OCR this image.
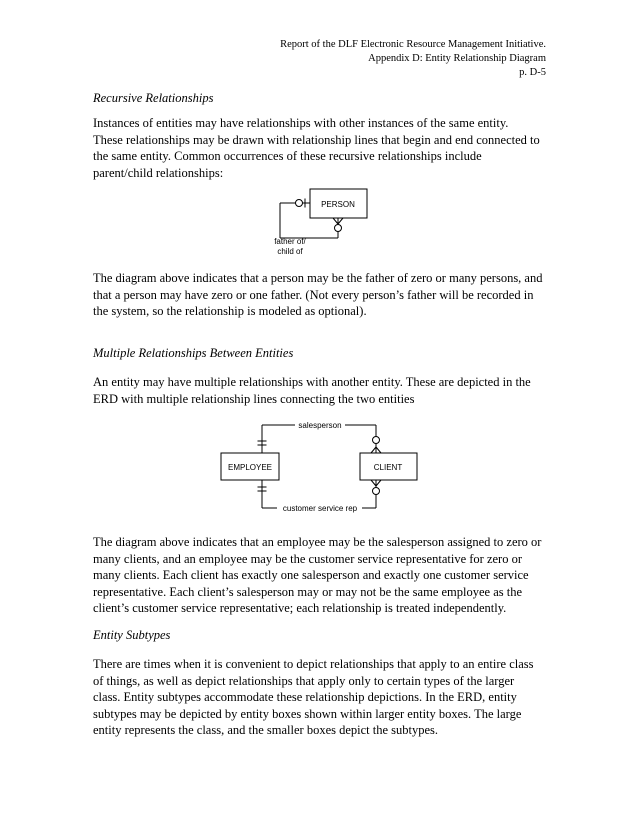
Report of the DLF Electronic Resource Management Initiative.
Appendix D: Entity Relationship Diagram
p. D-5
Recursive Relationships
Instances of entities may have relationships with other instances of the same entity.
These relationships may be drawn with relationship lines that begin and end connected to
the same entity. Common occurrences of these recursive relationships include
parent/child relationships:
PERSON
father of/
child of
The diagram above indicates that a person may be the father of zero or many persons, and
that a person may have zero or one father. (Not every person’s father will be recorded in
the system, so the relationship is modeled as optional).
Multiple Relationships Between Entities
An entity may have multiple relationships with another entity. These are depicted in the
ERD with multiple relationship lines connecting the two entities
EMPLOYEE	CLIENT
salesperson
customer service rep
The diagram above indicates that an employee may be the salesperson assigned to zero or
many clients, and an employee may be the customer service representative for zero or
many clients. Each client has exactly one salesperson and exactly one customer service
representative. Each client’s salesperson may or may not be the same employee as the
client’s customer service representative; each relationship is treated independently.
Entity Subtypes
There are times when it is convenient to depict relationships that apply to an entire class
of things, as well as depict relationships that apply only to certain types of the larger
class. Entity subtypes accommodate these relationship depictions. In the ERD, entity
subtypes may be depicted by entity boxes shown within larger entity boxes. The large
entity represents the class, and the smaller boxes depict the subtypes.
